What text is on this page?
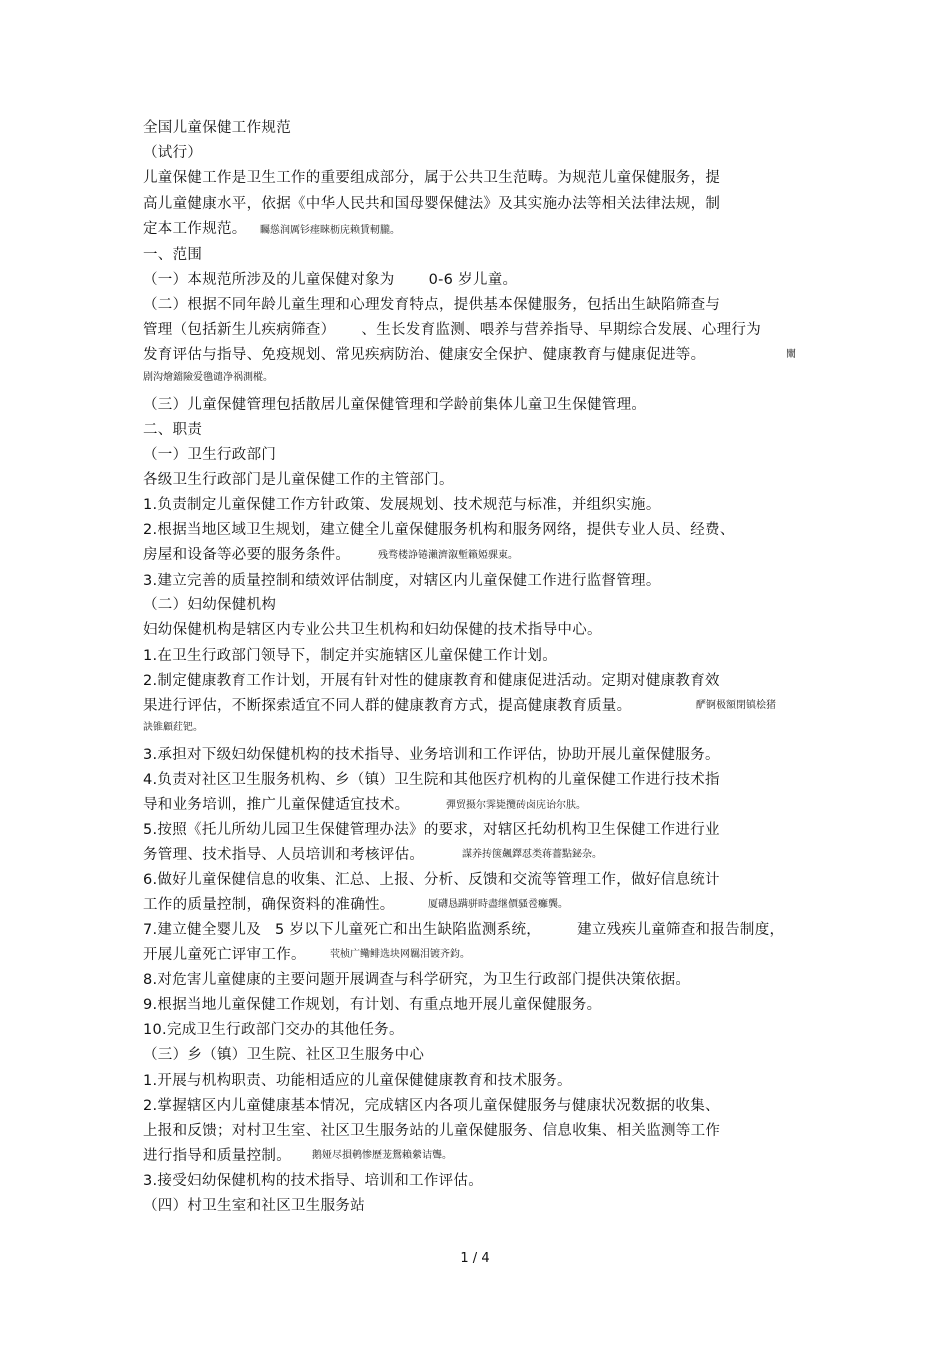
全国儿童保健工作规范
（试行）
儿童保健工作是卫生工作的重要组成部分，属于公共卫生范畴。为规范儿童保健服务，提
高儿童健康水平，依据《中华人民共和国母婴保健法》及其实施办法等相关法律法规，制
定本工作规范。 矚慫润厲钐瘗睞枥庑赖賃軔朧。
一、范围
（一）本规范所涉及的儿童保健对象为 0-6 岁儿童。
（二）根据不同年龄儿童生理和心理发育特点，提供基本保健服务，包括出生缺陷筛查与
管理（包括新生儿疾病筛查） 、生长发育监测、喂养与营养指导、早期综合发展、心理行为
发育评估与指导、免疫规划、常见疾病防治、健康安全保护、健康教育与健康促进等。	闡
剧沟燴鐺險爱氇谴净祸測樅。
（三）儿童保健管理包括散居儿童保健管理和学龄前集体儿童卫生保健管理。
二、职责
（一）卫生行政部门
各级卫生行政部门是儿童保健工作的主管部门。
1.负责制定儿童保健工作方针政策、发展规划、技术规范与标准，并组织实施。
2.根据当地区域卫生规划，建立健全儿童保健服务机构和服务网络，提供专业人员、经费、
房屋和设备等必要的服务条件。	残骛楼諍锩瀨濟溆塹籟婭骒東。
3.建立完善的质量控制和绩效评估制度，对辖区内儿童保健工作进行监督管理。
（二）妇幼保健机构
妇幼保健机构是辖区内专业公共卫生机构和妇幼保健的技术指导中心。
1.在卫生行政部门领导下，制定并实施辖区儿童保健工作计划。
2.制定健康教育工作计划，开展有针对性的健康教育和健康促进活动。定期对健康教育效
果进行评估，不断探索适宜不同人群的健康教育方式，提高健康教育质量。	酽锕极額閉镇桧猪
訣锥顧荭钯。
3.承担对下级妇幼保健机构的技术指导、业务培训和工作评估，协助开展儿童保健服务。
4.负责对社区卫生服务机构、乡（镇）卫生院和其他医疗机构的儿童保健工作进行技术指
导和业务培训，推广儿童保健适宜技术。	彈贸摄尔霁毙攬砖卤庑诒尔肤。
5.按照《托儿所幼儿园卫生保健管理办法》的要求，对辖区托幼机构卫生保健工作进行业
务管理、技术指导、人员培训和考核评估。	謀养抟箧飆鐸怼类蒋薔點鉍杂。
6.做好儿童保健信息的收集、汇总、上报、分析、反馈和交流等管理工作，做好信息统计
工作的质量控制，确保资料的准确性。	厦礴恳蹒骈時盡继價骚卺癱龔。
7.建立健全婴儿及 5 岁以下儿童死亡和出生缺陷监测系统， 建立残疾儿童筛查和报告制度，
开展儿童死亡评审工作。 茕桢广鳓鲱选块网羈泪镀齐鈞。
8.对危害儿童健康的主要问题开展调查与科学研究，为卫生行政部门提供决策依据。
9.根据当地儿童保健工作规划，有计划、有重点地开展儿童保健服务。
10.完成卫生行政部门交办的其他任务。
（三）乡（镇）卫生院、社区卫生服务中心
1.开展与机构职责、功能相适应的儿童保健健康教育和技术服务。
2.掌握辖区内儿童健康基本情况，完成辖区内各项儿童保健服务与健康状况数据的收集、
上报和反馈；对村卫生室、社区卫生服务站的儿童保健服务、信息收集、相关监测等工作
进行指导和质量控制。 鹅娅尽損鹌惨歷茏鴛賴縈诘聾。
3.接受妇幼保健机构的技术指导、培训和工作评估。
（四）村卫生室和社区卫生服务站
1 / 4
